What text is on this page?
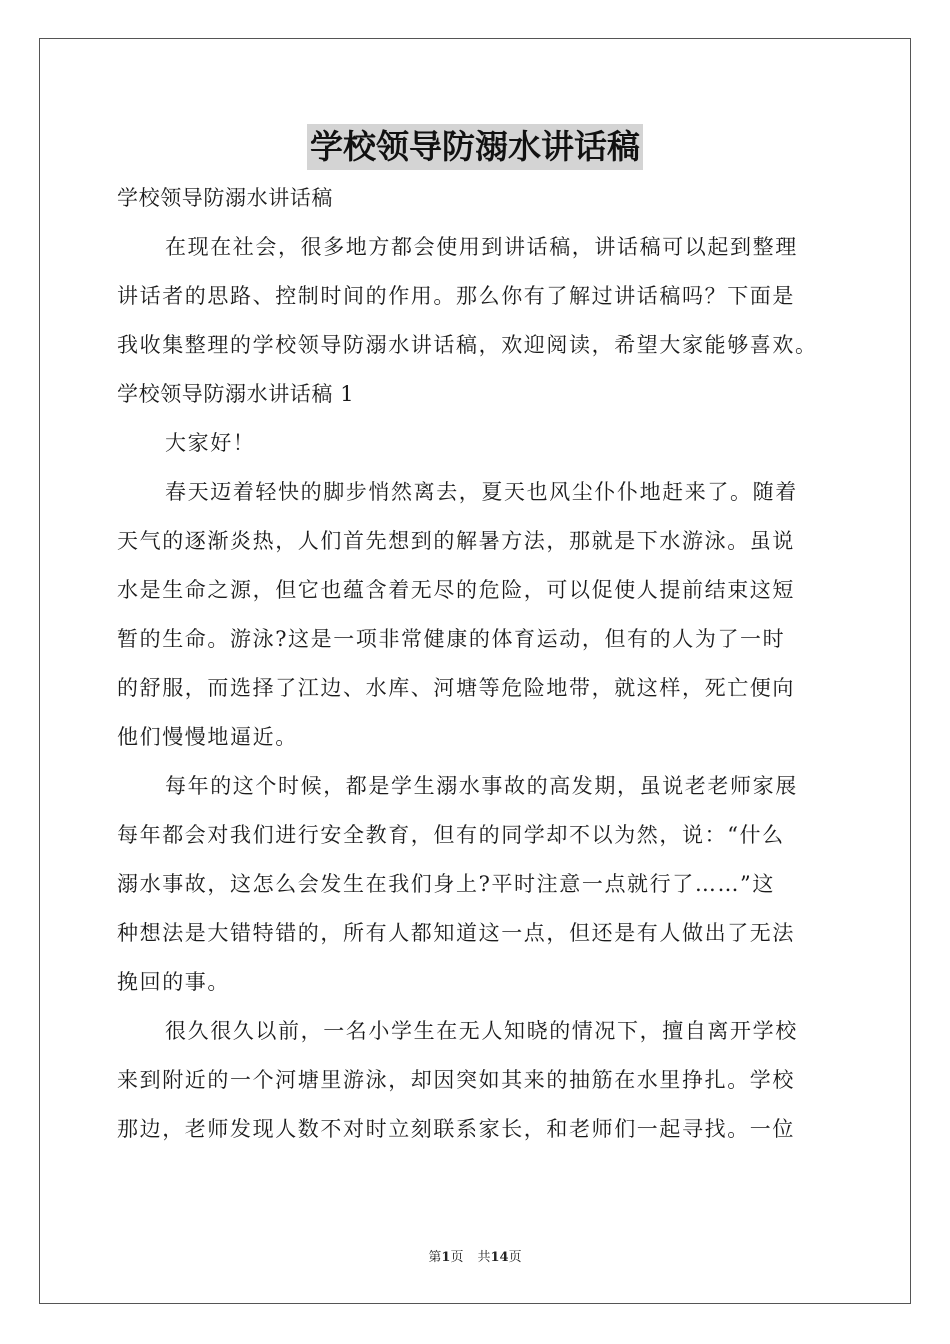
学校领导防溺水讲话稿
学校领导防溺水讲话稿
在现在社会，很多地方都会使用到讲话稿，讲话稿可以起到整理
讲话者的思路、控制时间的作用。那么你有了解过讲话稿吗？下面是
我收集整理的学校领导防溺水讲话稿，欢迎阅读，希望大家能够喜欢。
学校领导防溺水讲话稿 1
大家好！
春天迈着轻快的脚步悄然离去，夏天也风尘仆仆地赶来了。随着
天气的逐渐炎热，人们首先想到的解暑方法，那就是下水游泳。虽说
水是生命之源，但它也蕴含着无尽的危险，可以促使人提前结束这短
暂的生命。游泳?这是一项非常健康的体育运动，但有的人为了一时
的舒服，而选择了江边、水库、河塘等危险地带，就这样，死亡便向
他们慢慢地逼近。
每年的这个时候，都是学生溺水事故的高发期，虽说老老师家展
每年都会对我们进行安全教育，但有的同学却不以为然，说：“什么
溺水事故，这怎么会发生在我们身上?平时注意一点就行了……”这
种想法是大错特错的，所有人都知道这一点，但还是有人做出了无法
挽回的事。
很久很久以前，一名小学生在无人知晓的情况下，擅自离开学校
来到附近的一个河塘里游泳，却因突如其来的抽筋在水里挣扎。学校
那边，老师发现人数不对时立刻联系家长，和老师们一起寻找。一位
第1页 共14页
